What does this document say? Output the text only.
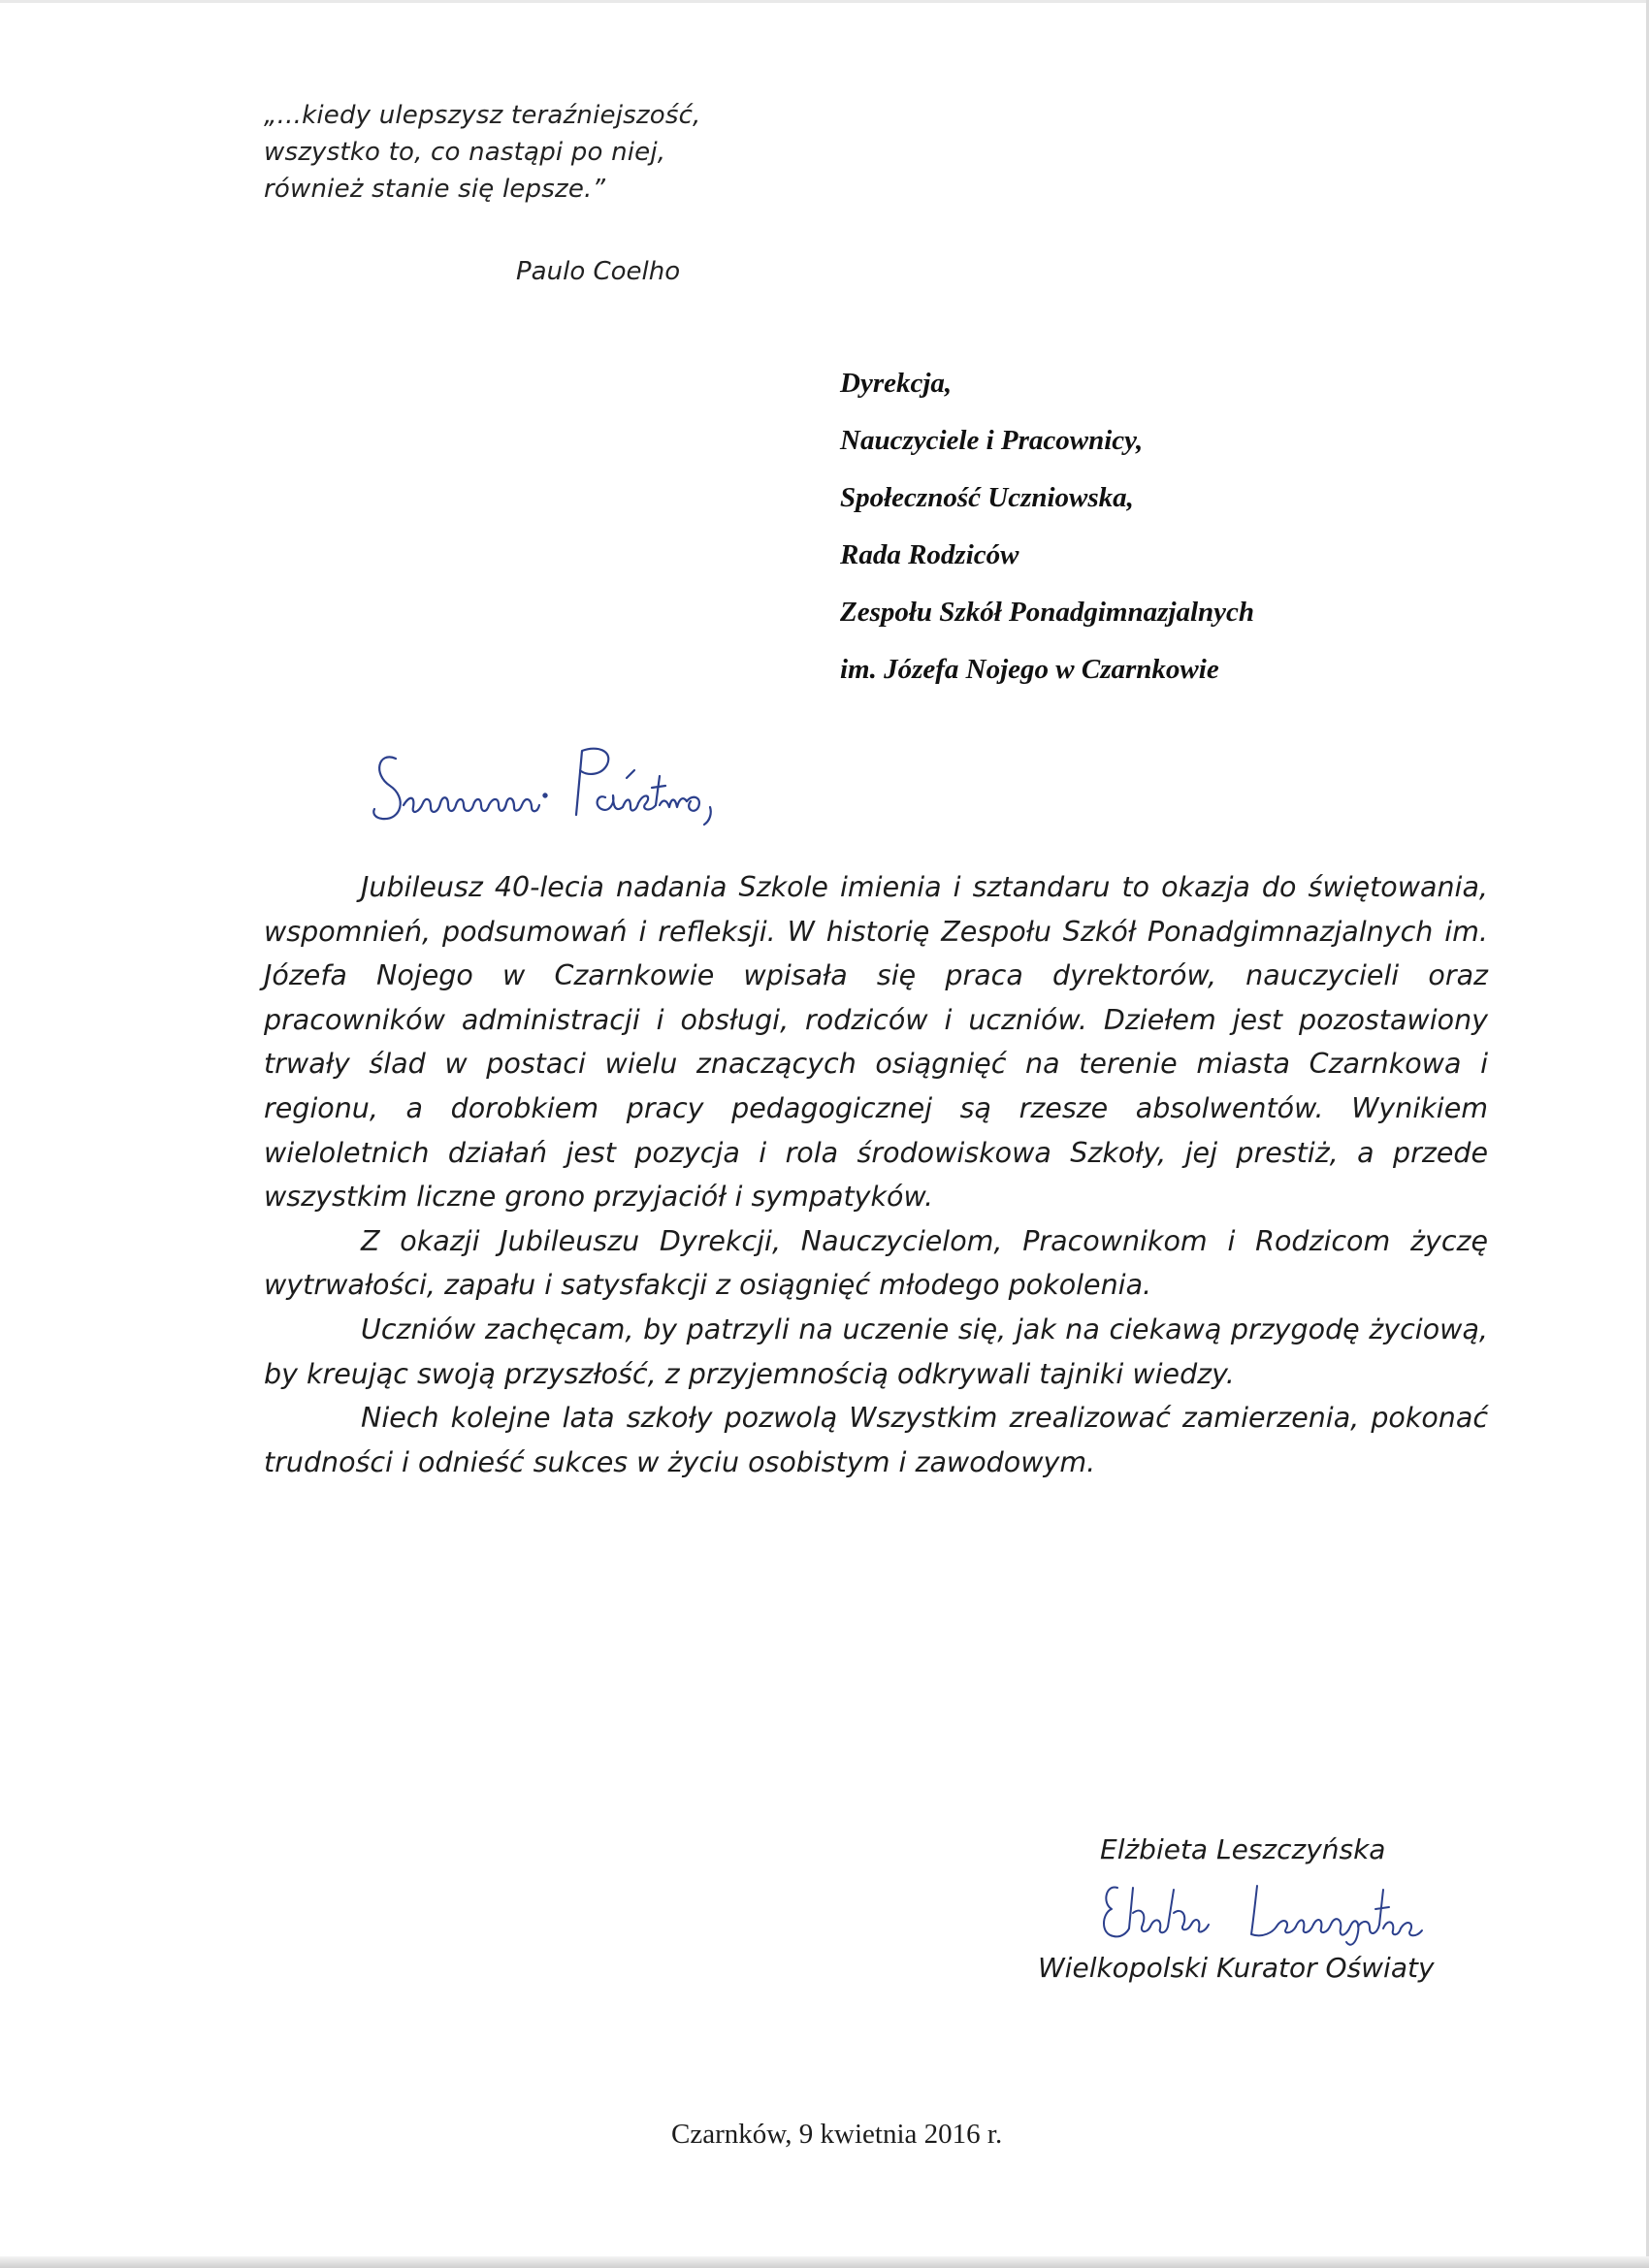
„...kiedy ulepszysz teraźniejszość,
wszystko to, co nastąpi po niej,
również stanie się lepsze.”
Paulo Coelho
Dyrekcja,
Nauczyciele i Pracownicy,
Społeczność Uczniowska,
Rada Rodziców
Zespołu Szkół Ponadgimnazjalnych
im. Józefa Nojego w Czarnkowie

Jubileusz 40-lecia nadania Szkole imienia i sztandaru to okazja do świętowania, wspomnień, podsumowań i refleksji. W historię Zespołu Szkół Ponadgimnazjalnych im. Józefa Nojego w Czarnkowie wpisała się praca dyrektorów, nauczycieli oraz pracowników administracji i obsługi, rodziców i uczniów. Dziełem jest pozostawiony trwały ślad w postaci wielu znaczących osiągnięć na terenie miasta Czarnkowa i regionu, a dorobkiem pracy pedagogicznej są rzesze absolwentów. Wynikiem wieloletnich działań jest pozycja i rola środowiskowa Szkoły, jej prestiż, a przede wszystkim liczne grono przyjaciół i sympatyków.

Z okazji Jubileuszu Dyrekcji, Nauczycielom, Pracownikom i Rodzicom życzę wytrwałości, zapału i satysfakcji z osiągnięć młodego pokolenia.

Uczniów zachęcam, by patrzyli na uczenie się, jak na ciekawą przygodę życiową, by kreując swoją przyszłość, z przyjemnością odkrywali tajniki wiedzy.

Niech kolejne lata szkoły pozwolą Wszystkim zrealizować zamierzenia, pokonać trudności i odnieść sukces w życiu osobistym i zawodowym.

Elżbieta Leszczyńska
Wielkopolski Kurator Oświaty
Czarnków, 9 kwietnia 2016 r.
